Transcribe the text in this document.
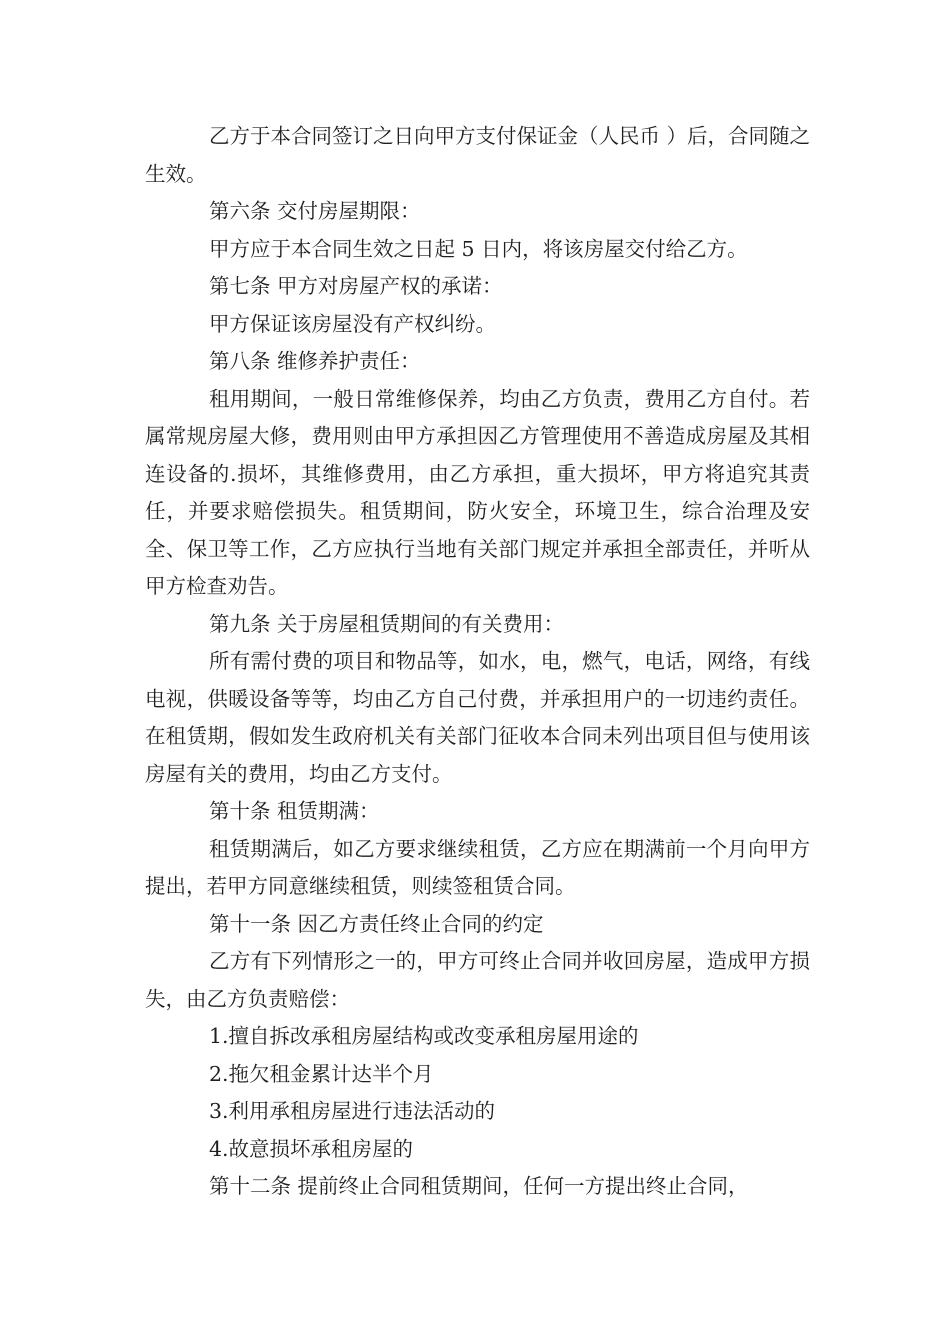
乙方于本合同签订之日向甲方支付保证金（人民币 ）后，合同随之生效。

第六条 交付房屋期限：

甲方应于本合同生效之日起 5 日内，将该房屋交付给乙方。

第七条 甲方对房屋产权的承诺：

甲方保证该房屋没有产权纠纷。

第八条 维修养护责任：

租用期间，一般日常维修保养，均由乙方负责，费用乙方自付。若属常规房屋大修，费用则由甲方承担因乙方管理使用不善造成房屋及其相连设备的.损坏，其维修费用，由乙方承担，重大损坏，甲方将追究其责任，并要求赔偿损失。租赁期间，防火安全，环境卫生，综合治理及安全、保卫等工作，乙方应执行当地有关部门规定并承担全部责任，并听从甲方检查劝告。

第九条 关于房屋租赁期间的有关费用：

所有需付费的项目和物品等，如水，电，燃气，电话，网络，有线电视，供暖设备等等，均由乙方自己付费，并承担用户的一切违约责任。在租赁期，假如发生政府机关有关部门征收本合同未列出项目但与使用该房屋有关的费用，均由乙方支付。

第十条 租赁期满：

租赁期满后，如乙方要求继续租赁，乙方应在期满前一个月向甲方提出，若甲方同意继续租赁，则续签租赁合同。

第十一条 因乙方责任终止合同的约定

乙方有下列情形之一的，甲方可终止合同并收回房屋，造成甲方损失，由乙方负责赔偿：

1.擅自拆改承租房屋结构或改变承租房屋用途的

2.拖欠租金累计达半个月

3.利用承租房屋进行违法活动的

4.故意损坏承租房屋的

第十二条 提前终止合同租赁期间，任何一方提出终止合同，
